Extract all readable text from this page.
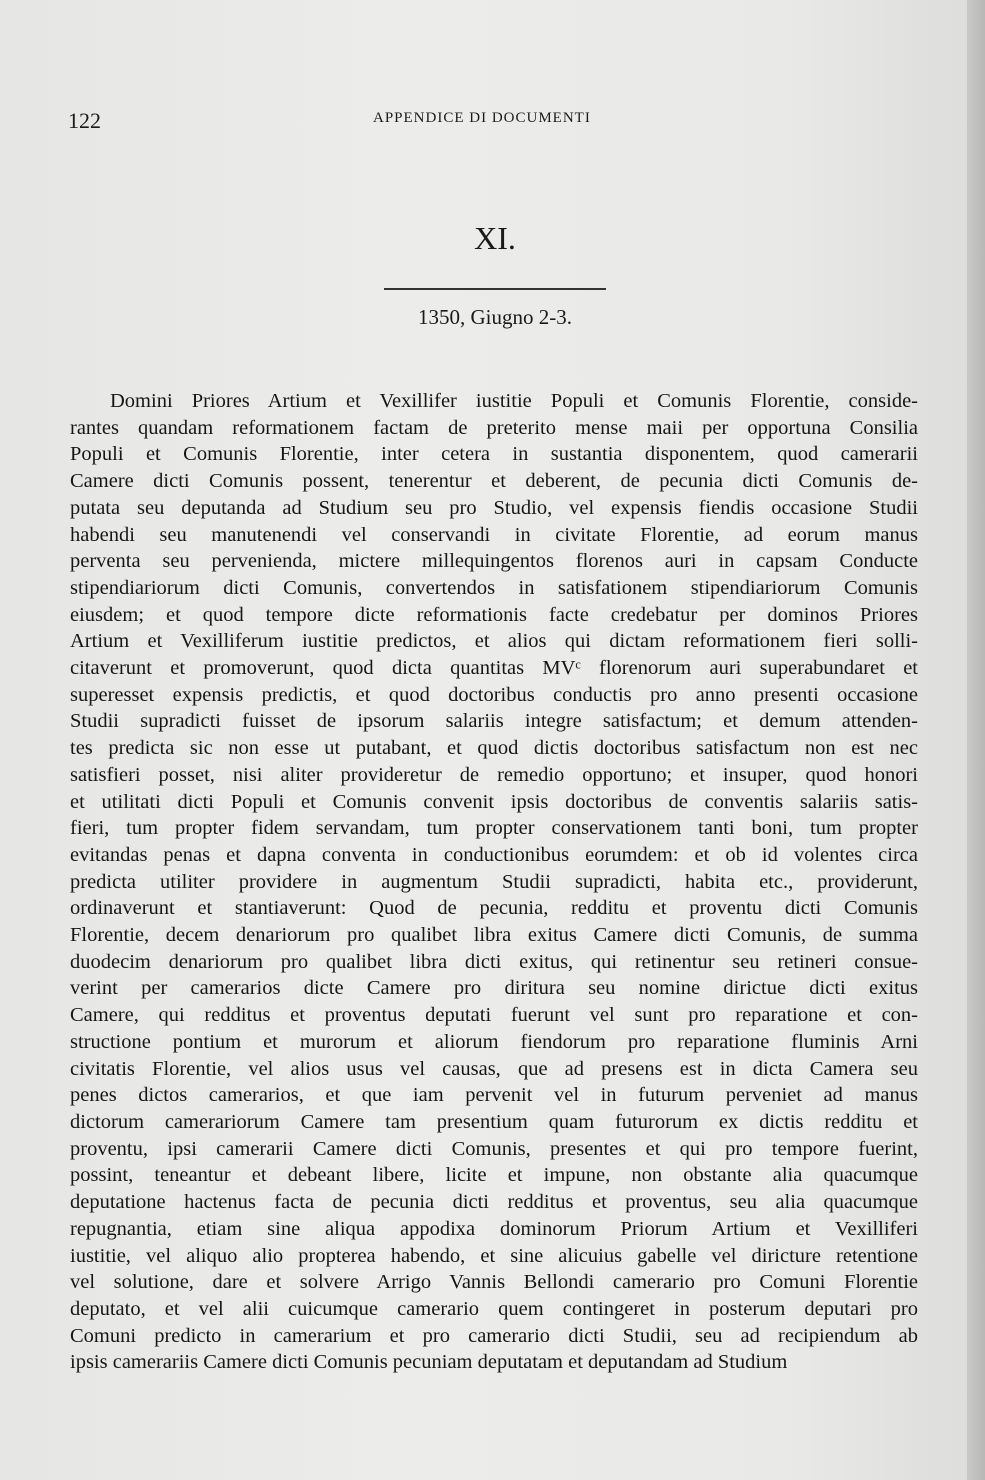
122	APPENDICE DI DOCUMENTI
XI.
1350, Giugno 2-3.
Domini Priores Artium et Vexillifer iustitie Populi et Comunis Florentie, conside-
rantes quandam reformationem factam de preterito mense maii per opportuna Consilia
Populi et Comunis Florentie, inter cetera in sustantia disponentem, quod camerarii
Camere dicti Comunis possent, tenerentur et deberent, de pecunia dicti Comunis de-
putata seu deputanda ad Studium seu pro Studio, vel expensis fiendis occasione Studii
habendi seu manutenendi vel conservandi in civitate Florentie, ad eorum manus
perventa seu pervenienda, mictere millequingentos florenos auri in capsam Conducte
stipendiariorum dicti Comunis, convertendos in satisfationem stipendiariorum Comunis
eiusdem; et quod tempore dicte reformationis facte credebatur per dominos Priores
Artium et Vexilliferum iustitie predictos, et alios qui dictam reformationem fieri solli-
citaverunt et promoverunt, quod dicta quantitas MVᶜ florenorum auri superabundaret et
superesset expensis predictis, et quod doctoribus conductis pro anno presenti occasione
Studii supradicti fuisset de ipsorum salariis integre satisfactum; et demum attenden-
tes predicta sic non esse ut putabant, et quod dictis doctoribus satisfactum non est nec
satisfieri posset, nisi aliter provideretur de remedio opportuno; et insuper, quod honori
et utilitati dicti Populi et Comunis convenit ipsis doctoribus de conventis salariis satis-
fieri, tum propter fidem servandam, tum propter conservationem tanti boni, tum propter
evitandas penas et dapna conventa in conductionibus eorumdem: et ob id volentes circa
predicta utiliter providere in augmentum Studii supradicti, habita etc., providerunt,
ordinaverunt et stantiaverunt: Quod de pecunia, redditu et proventu dicti Comunis
Florentie, decem denariorum pro qualibet libra exitus Camere dicti Comunis, de summa
duodecim denariorum pro qualibet libra dicti exitus, qui retinentur seu retineri consue-
verint per camerarios dicte Camere pro diritura seu nomine dirictue dicti exitus
Camere, qui redditus et proventus deputati fuerunt vel sunt pro reparatione et con-
structione pontium et murorum et aliorum fiendorum pro reparatione fluminis Arni
civitatis Florentie, vel alios usus vel causas, que ad presens est in dicta Camera seu
penes dictos camerarios, et que iam pervenit vel in futurum perveniet ad manus
dictorum camerariorum Camere tam presentium quam futurorum ex dictis redditu et
proventu, ipsi camerarii Camere dicti Comunis, presentes et qui pro tempore fuerint,
possint, teneantur et debeant libere, licite et impune, non obstante alia quacumque
deputatione hactenus facta de pecunia dicti redditus et proventus, seu alia quacumque
repugnantia, etiam sine aliqua appodixa dominorum Priorum Artium et Vexilliferi
iustitie, vel aliquo alio propterea habendo, et sine alicuius gabelle vel diricture retentione
vel solutione, dare et solvere Arrigo Vannis Bellondi camerario pro Comuni Florentie
deputato, et vel alii cuicumque camerario quem contingeret in posterum deputari pro
Comuni predicto in camerarium et pro camerario dicti Studii, seu ad recipiendum ab
ipsis camerariis Camere dicti Comunis pecuniam deputatam et deputandam ad Studium
